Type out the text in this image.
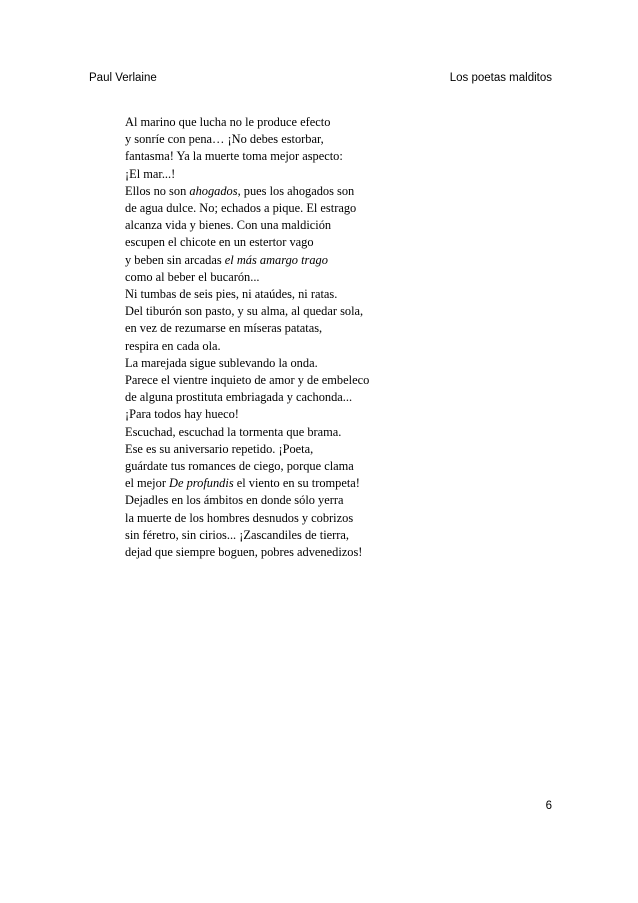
Paul Verlaine	Los poetas malditos
Al marino que lucha no le produce efecto
y sonríe con pena… ¡No debes estorbar,
fantasma! Ya la muerte toma mejor aspecto:
¡El mar...!
Ellos no son ahogados, pues los ahogados son
de agua dulce. No; echados a pique. El estrago
alcanza vida y bienes. Con una maldición
escupen el chicote en un estertor vago
y beben sin arcadas el más amargo trago
como al beber el bucarón...
Ni tumbas de seis pies, ni ataúdes, ni ratas.
Del tiburón son pasto, y su alma, al quedar sola,
en vez de rezumarse en míseras patatas,
respira en cada ola.
La marejada sigue sublevando la onda.
Parece el vientre inquieto de amor y de embeleco
de alguna prostituta embriagada y cachonda...
¡Para todos hay hueco!
Escuchad, escuchad la tormenta que brama.
Ese es su aniversario repetido. ¡Poeta,
guárdate tus romances de ciego, porque clama
el mejor De profundis el viento en su trompeta!
Dejadles en los ámbitos en donde sólo yerra
la muerte de los hombres desnudos y cobrizos
sin féretro, sin cirios... ¡Zascandiles de tierra,
dejad que siempre boguen, pobres advenedizos!
6
